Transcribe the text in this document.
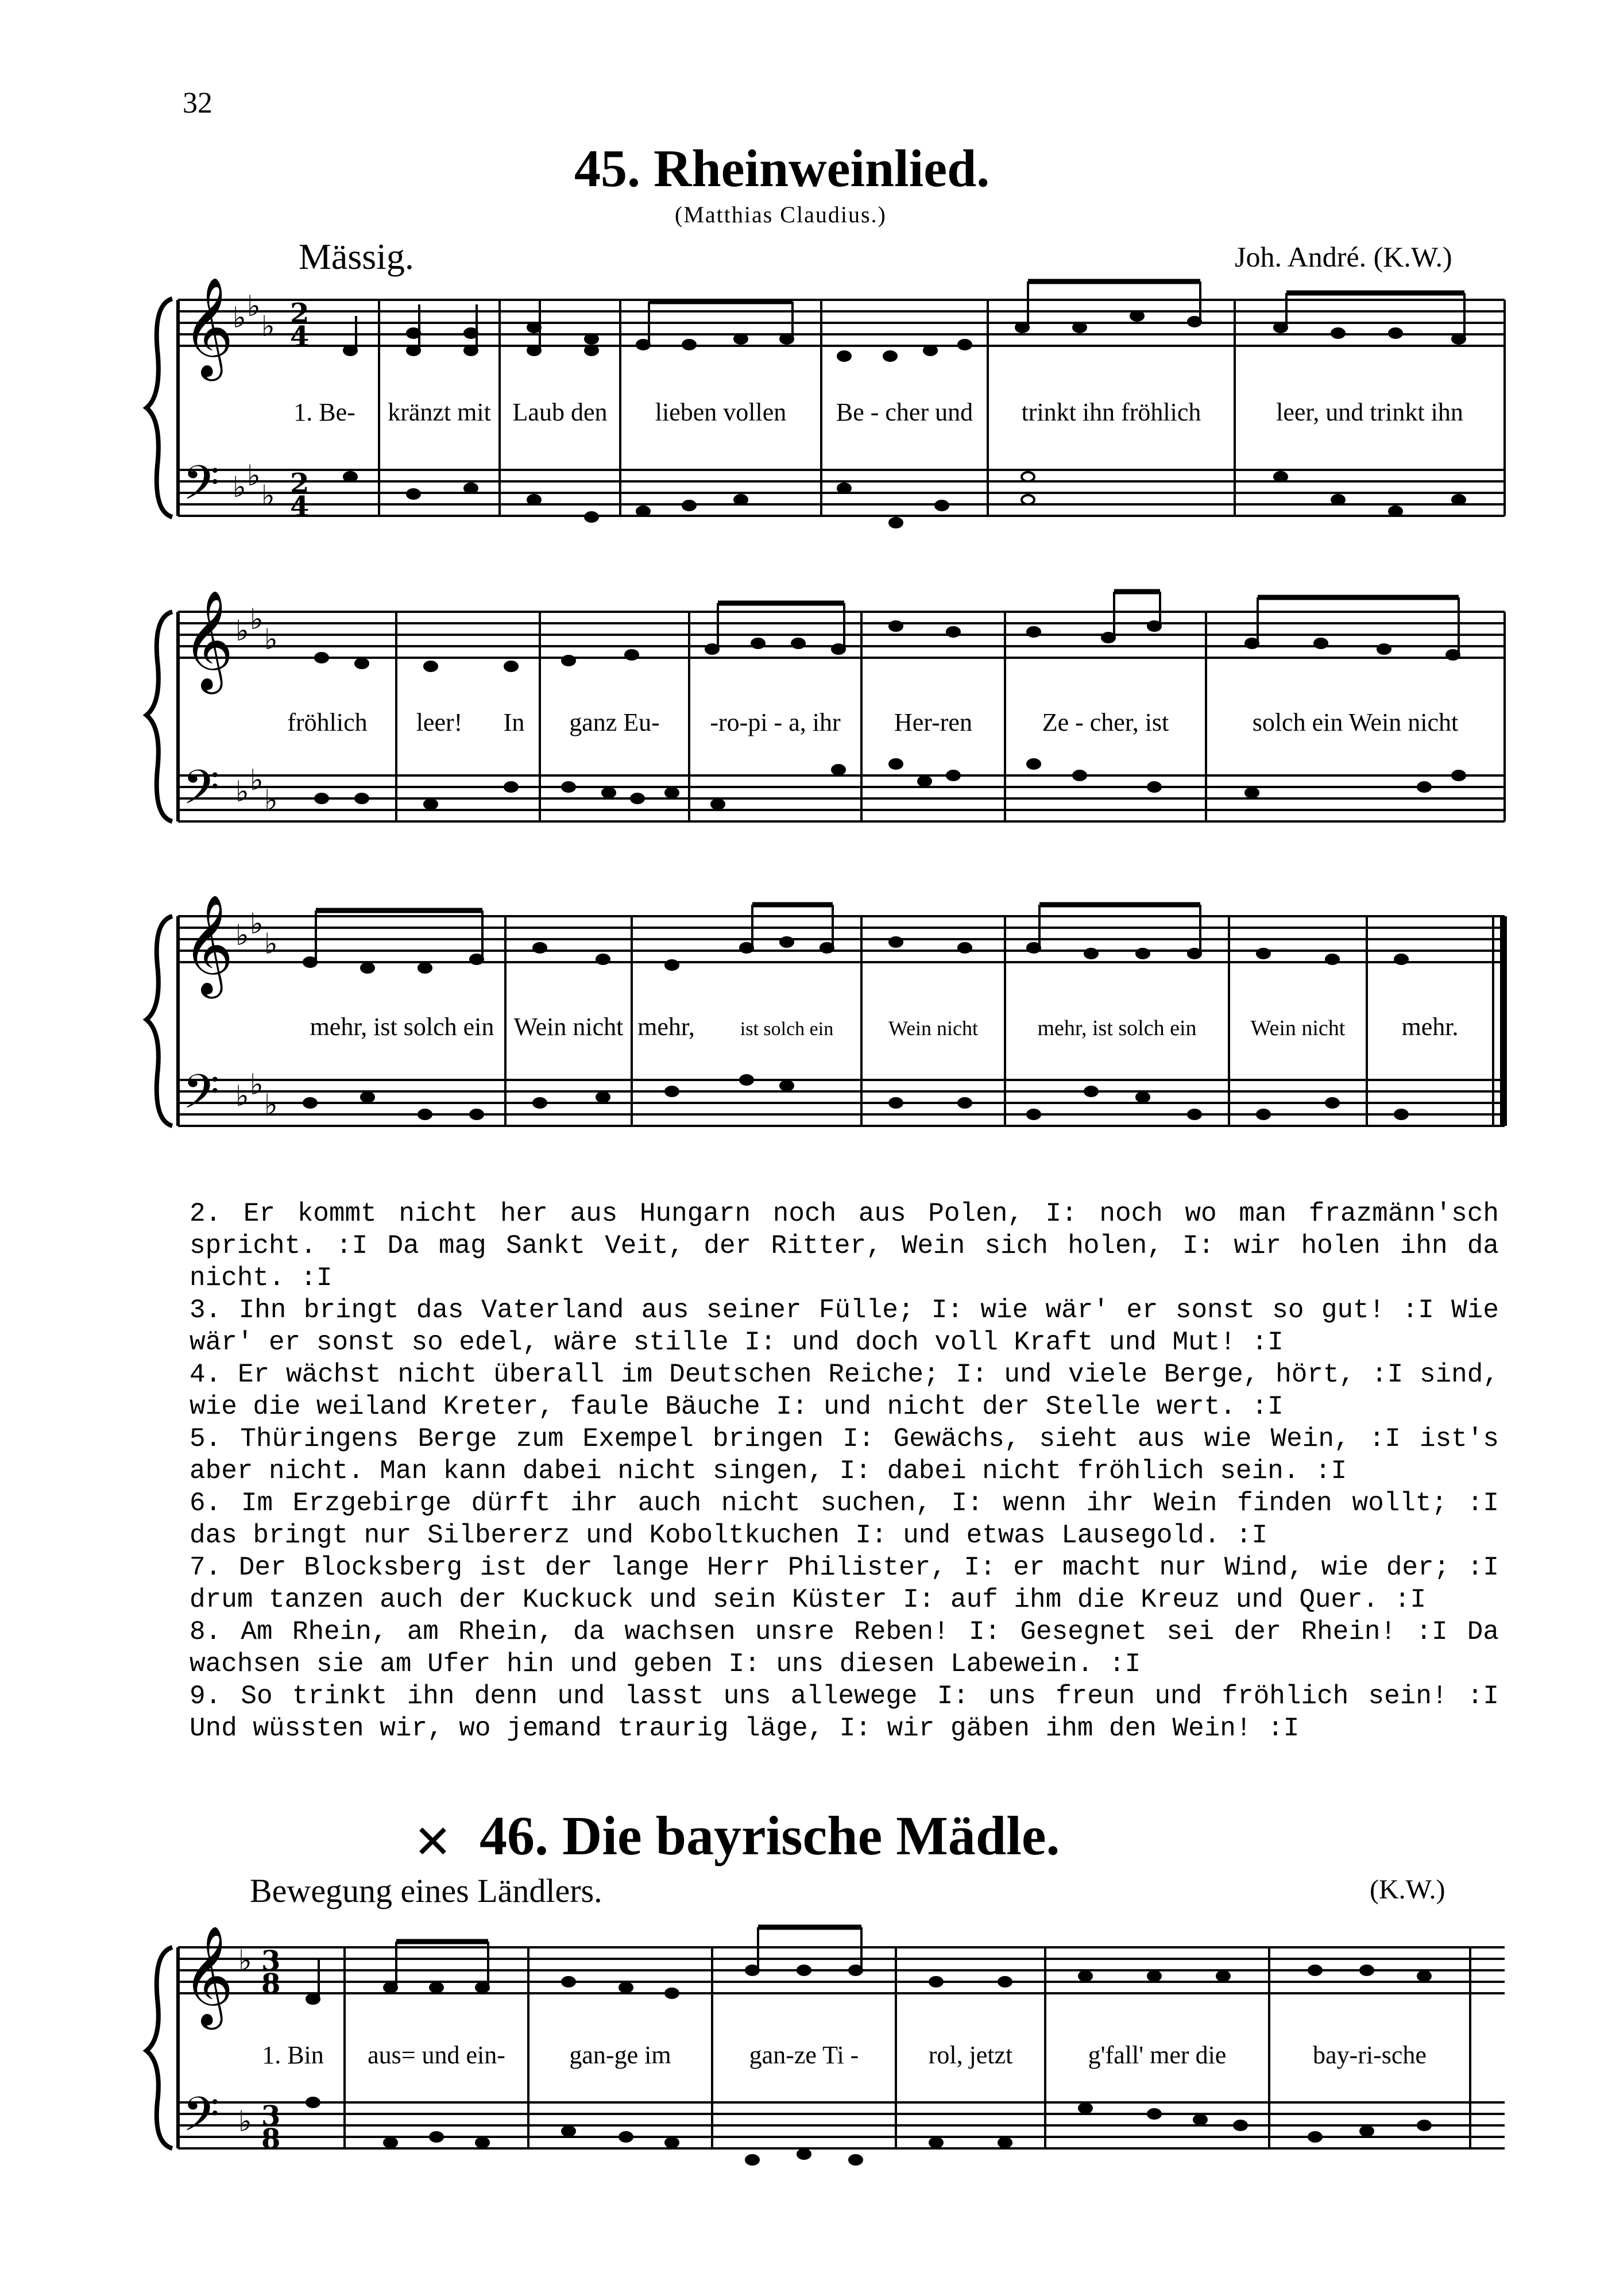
32
45. Rheinweinlied.
(Matthias Claudius.)
Mässig.	Joh. André. (K.W.)
𝄞
𝄢
♭ ♭
♭
♭ ♭
♭
2
4
2
4
1. Be- kränzt mit Laub den lieben vollen Be - cher und trinkt ihn fröhlich	leer, und trinkt ihn
𝄞
𝄢
♭ ♭
♭
♭ ♭
♭
fröhlich leer! In ganz Eu- -ro-pi - a, ihr Her-ren	Ze - cher, ist	solch ein Wein nicht
𝄞
𝄢
♭ ♭
♭
♭ ♭
♭
mehr, ist solch ein Wein nicht mehr, ist solch ein	Wein nicht	mehr, ist solch ein Wein nicht mehr.
2. Er kommt nicht her aus Hungarn noch aus Polen, I: noch wo man frazmänn'sch spricht. :I Da mag Sankt Veit, der Ritter, Wein sich holen, I: wir holen ihn da nicht. :I
3. Ihn bringt das Vaterland aus seiner Fülle; I: wie wär' er sonst so gut! :I Wie wär' er sonst so edel, wäre stille I: und doch voll Kraft und Mut! :I
4. Er wächst nicht überall im Deutschen Reiche; I: und viele Berge, hört, :I sind, wie die weiland Kreter, faule Bäuche I: und nicht der Stelle wert. :I
5. Thüringens Berge zum Exempel bringen I: Gewächs, sieht aus wie Wein, :I ist's aber nicht. Man kann dabei nicht singen, I: dabei nicht fröhlich sein. :I
6. Im Erzgebirge dürft ihr auch nicht suchen, I: wenn ihr Wein finden wollt; :I das bringt nur Silbererz und Koboltkuchen I: und etwas Lausegold. :I
7. Der Blocksberg ist der lange Herr Philister, I: er macht nur Wind, wie der; :I drum tanzen auch der Kuckuck und sein Küster I: auf ihm die Kreuz und Quer. :I
8. Am Rhein, am Rhein, da wachsen unsre Reben! I: Gesegnet sei der Rhein! :I Da wachsen sie am Ufer hin und geben I: uns diesen Labewein. :I
9. So trinkt ihn denn und lasst uns allewege I: uns freun und fröhlich sein! :I Und wüssten wir, wo jemand traurig läge, I: wir gäben ihm den Wein! :I
✕ 46. Die bayrische Mädle.
Bewegung eines Ländlers.	(K.W.)
𝄞
𝄢
♭
♭
3
8
3
8
1. Bin aus= und ein-	gan-ge im	gan-ze Ti -	rol, jetzt	g'fall' mer die	bay-ri-sche
